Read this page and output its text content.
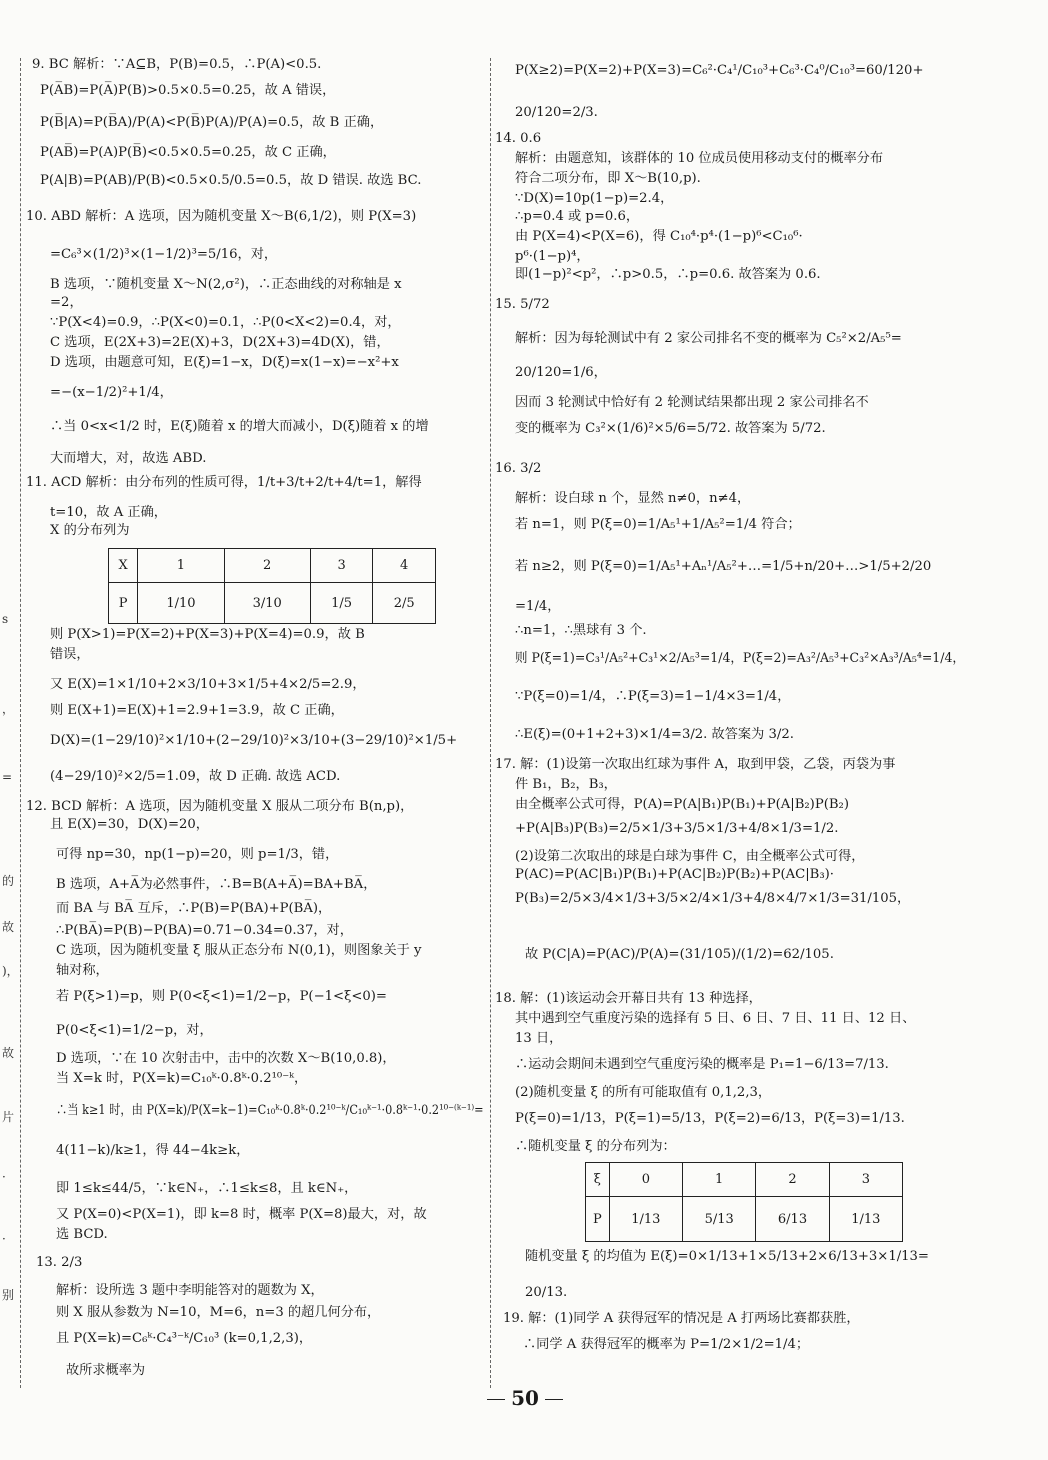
s
，
=
的
故
)，
故
片
·
·
别
X	1	2	3	4
P	1/10	3/10	1/5	2/5
9. BC 解析：∵A⊆B，P(B)=0.5，∴P(A)<0.5.
P(A̅B)=P(A̅)P(B)>0.5×0.5=0.25，故 A 错误，
P(B̅|A)=P(B̅A)/P(A)<P(B̅)P(A)/P(A)=0.5，故 B 正确，
P(AB̅)=P(A)P(B̅)<0.5×0.5=0.25，故 C 正确，
P(A|B)=P(AB)/P(B)<0.5×0.5/0.5=0.5，故 D 错误. 故选 BC.
10. ABD 解析：A 选项，因为随机变量 X～B(6,1/2)，则 P(X=3)
=C₆³×(1/2)³×(1−1/2)³=5/16，对，
B 选项，∵随机变量 X～N(2,σ²)，∴正态曲线的对称轴是 x
=2，
∵P(X<4)=0.9，∴P(X<0)=0.1，∴P(0<X<2)=0.4，对，
C 选项，E(2X+3)=2E(X)+3，D(2X+3)=4D(X)，错，
D 选项，由题意可知，E(ξ)=1−x，D(ξ)=x(1−x)=−x²+x
=−(x−1/2)²+1/4，
∴当 0<x<1/2 时，E(ξ)随着 x 的增大而减小，D(ξ)随着 x 的增
大而增大，对，故选 ABD.
11. ACD 解析：由分布列的性质可得，1/t+3/t+2/t+4/t=1，解得
t=10，故 A 正确，
X 的分布列为
则 P(X>1)=P(X=2)+P(X=3)+P(X=4)=0.9，故 B
错误，
又 E(X)=1×1/10+2×3/10+3×1/5+4×2/5=2.9，
则 E(X+1)=E(X)+1=2.9+1=3.9，故 C 正确，
D(X)=(1−29/10)²×1/10+(2−29/10)²×3/10+(3−29/10)²×1/5+
(4−29/10)²×2/5=1.09，故 D 正确. 故选 ACD.
12. BCD 解析：A 选项，因为随机变量 X 服从二项分布 B(n,p)，
且 E(X)=30，D(X)=20，
可得 np=30，np(1−p)=20，则 p=1/3，错，
B 选项，A+A̅为必然事件，∴B=B(A+A̅)=BA+BA̅，
而 BA 与 BA̅ 互斥，∴P(B)=P(BA)+P(BA̅)，
∴P(BA̅)=P(B)−P(BA)=0.71−0.34=0.37，对，
C 选项，因为随机变量 ξ 服从正态分布 N(0,1)，则图象关于 y
轴对称，
若 P(ξ>1)=p，则 P(0<ξ<1)=1/2−p，P(−1<ξ<0)=
P(0<ξ<1)=1/2−p，对，
D 选项，∵在 10 次射击中，击中的次数 X～B(10,0.8)，
当 X=k 时，P(X=k)=C₁₀ᵏ·0.8ᵏ·0.2¹⁰⁻ᵏ，
∴当 k≥1 时，由 P(X=k)/P(X=k−1)=C₁₀ᵏ·0.8ᵏ·0.2¹⁰⁻ᵏ/C₁₀ᵏ⁻¹·0.8ᵏ⁻¹·0.2¹⁰⁻⁽ᵏ⁻¹⁾=
4(11−k)/k≥1，得 44−4k≥k，
即 1≤k≤44/5，∵k∈N₊，∴1≤k≤8，且 k∈N₊，
又 P(X=0)<P(X=1)，即 k=8 时，概率 P(X=8)最大，对，故
选 BCD.
13. 2/3
解析：设所选 3 题中李明能答对的题数为 X，
则 X 服从参数为 N=10，M=6，n=3 的超几何分布，
且 P(X=k)=C₆ᵏ·C₄³⁻ᵏ/C₁₀³ (k=0,1,2,3)，
故所求概率为
ξ	0	1	2	3
P	1/13	5/13	6/13	1/13
P(X≥2)=P(X=2)+P(X=3)=C₆²·C₄¹/C₁₀³+C₆³·C₄⁰/C₁₀³=60/120+
20/120=2/3.
14. 0.6
解析：由题意知，该群体的 10 位成员使用移动支付的概率分布
符合二项分布，即 X～B(10,p).
∵D(X)=10p(1−p)=2.4，
∴p=0.4 或 p=0.6，
由 P(X=4)<P(X=6)，得 C₁₀⁴·p⁴·(1−p)⁶<C₁₀⁶·
p⁶·(1−p)⁴，
即(1−p)²<p²，∴p>0.5，∴p=0.6. 故答案为 0.6.
15. 5/72
解析：因为每轮测试中有 2 家公司排名不变的概率为 C₅²×2/A₅⁵=
20/120=1/6，
因而 3 轮测试中恰好有 2 轮测试结果都出现 2 家公司排名不
变的概率为 C₃²×(1/6)²×5/6=5/72. 故答案为 5/72.
16. 3/2
解析：设白球 n 个，显然 n≠0，n≠4，
若 n=1，则 P(ξ=0)=1/A₅¹+1/A₅²=1/4 符合；
若 n≥2，则 P(ξ=0)=1/A₅¹+Aₙ¹/A₅²+…=1/5+n/20+…>1/5+2/20
=1/4，
∴n=1，∴黑球有 3 个.
则 P(ξ=1)=C₃¹/A₅²+C₃¹×2/A₅³=1/4，P(ξ=2)=A₃²/A₅³+C₃²×A₃³/A₅⁴=1/4，
∵P(ξ=0)=1/4，∴P(ξ=3)=1−1/4×3=1/4，
∴E(ξ)=(0+1+2+3)×1/4=3/2. 故答案为 3/2.
17. 解：(1)设第一次取出红球为事件 A，取到甲袋，乙袋，丙袋为事
件 B₁，B₂，B₃，
由全概率公式可得，P(A)=P(A|B₁)P(B₁)+P(A|B₂)P(B₂)
+P(A|B₃)P(B₃)=2/5×1/3+3/5×1/3+4/8×1/3=1/2.
(2)设第二次取出的球是白球为事件 C，由全概率公式可得，
P(AC)=P(AC|B₁)P(B₁)+P(AC|B₂)P(B₂)+P(AC|B₃)·
P(B₃)=2/5×3/4×1/3+3/5×2/4×1/3+4/8×4/7×1/3=31/105，
故 P(C|A)=P(AC)/P(A)=(31/105)/(1/2)=62/105.
18. 解：(1)该运动会开幕日共有 13 种选择，
其中遇到空气重度污染的选择有 5 日、6 日、7 日、11 日、12 日、
13 日，
∴运动会期间未遇到空气重度污染的概率是 P₁=1−6/13=7/13.
(2)随机变量 ξ 的所有可能取值有 0,1,2,3，
P(ξ=0)=1/13，P(ξ=1)=5/13，P(ξ=2)=6/13，P(ξ=3)=1/13.
∴随机变量 ξ 的分布列为：
随机变量 ξ 的均值为 E(ξ)=0×1/13+1×5/13+2×6/13+3×1/13=
20/13.
19. 解：(1)同学 A 获得冠军的情况是 A 打两场比赛都获胜，
∴同学 A 获得冠军的概率为 P=1/2×1/2=1/4；
50
